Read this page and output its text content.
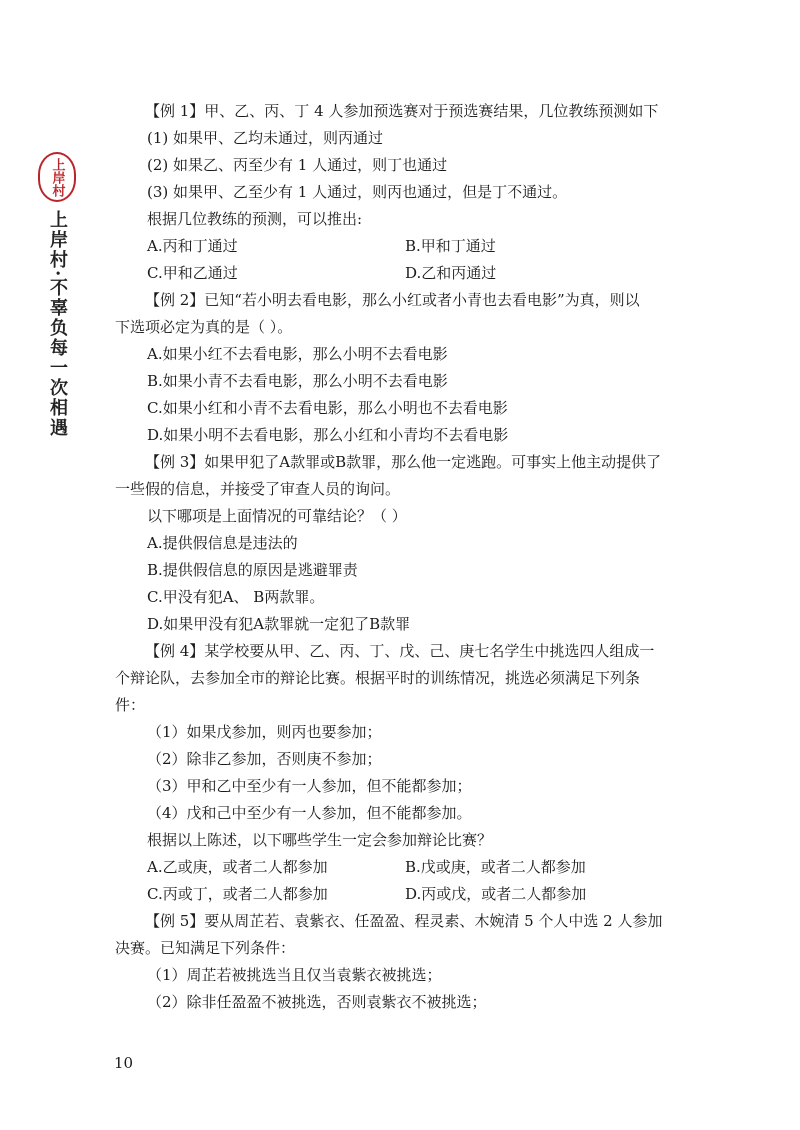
上岸村
上岸村·不辜负每一次相遇
【例 1】甲、乙、丙、丁 4 人参加预选赛对于预选赛结果，几位教练预测如下
(1) 如果甲、乙均未通过，则丙通过
(2) 如果乙、丙至少有 1 人通过，则丁也通过
(3) 如果甲、乙至少有 1 人通过，则丙也通过，但是丁不通过。
根据几位教练的预测，可以推出:
A.丙和丁通过	B.甲和丁通过
C.甲和乙通过	D.乙和丙通过
【例 2】已知“若小明去看电影，那么小红或者小青也去看电影”为真，则以
下选项必定为真的是（ ）。
A.如果小红不去看电影，那么小明不去看电影
B.如果小青不去看电影，那么小明不去看电影
C.如果小红和小青不去看电影，那么小明也不去看电影
D.如果小明不去看电影，那么小红和小青均不去看电影
【例 3】如果甲犯了A款罪或B款罪，那么他一定逃跑。可事实上他主动提供了
一些假的信息，并接受了审查人员的询问。
以下哪项是上面情况的可靠结论？（ ）
A.提供假信息是违法的
B.提供假信息的原因是逃避罪责
C.甲没有犯A、 B两款罪。
D.如果甲没有犯A款罪就一定犯了B款罪
【例 4】某学校要从甲、乙、丙、丁、戊、己、庚七名学生中挑选四人组成一
个辩论队，去参加全市的辩论比赛。根据平时的训练情况，挑选必须满足下列条
件：
（1）如果戊参加，则丙也要参加；
（2）除非乙参加，否则庚不参加；
（3）甲和乙中至少有一人参加，但不能都参加；
（4）戊和己中至少有一人参加，但不能都参加。
根据以上陈述，以下哪些学生一定会参加辩论比赛？
A.乙或庚，或者二人都参加	B.戊或庚，或者二人都参加
C.丙或丁，或者二人都参加	D.丙或戊，或者二人都参加
【例 5】要从周芷若、袁紫衣、任盈盈、程灵素、木婉清 5 个人中选 2 人参加
决赛。已知满足下列条件：
（1）周芷若被挑选当且仅当袁紫衣被挑选；
（2）除非任盈盈不被挑选，否则袁紫衣不被挑选；
10
